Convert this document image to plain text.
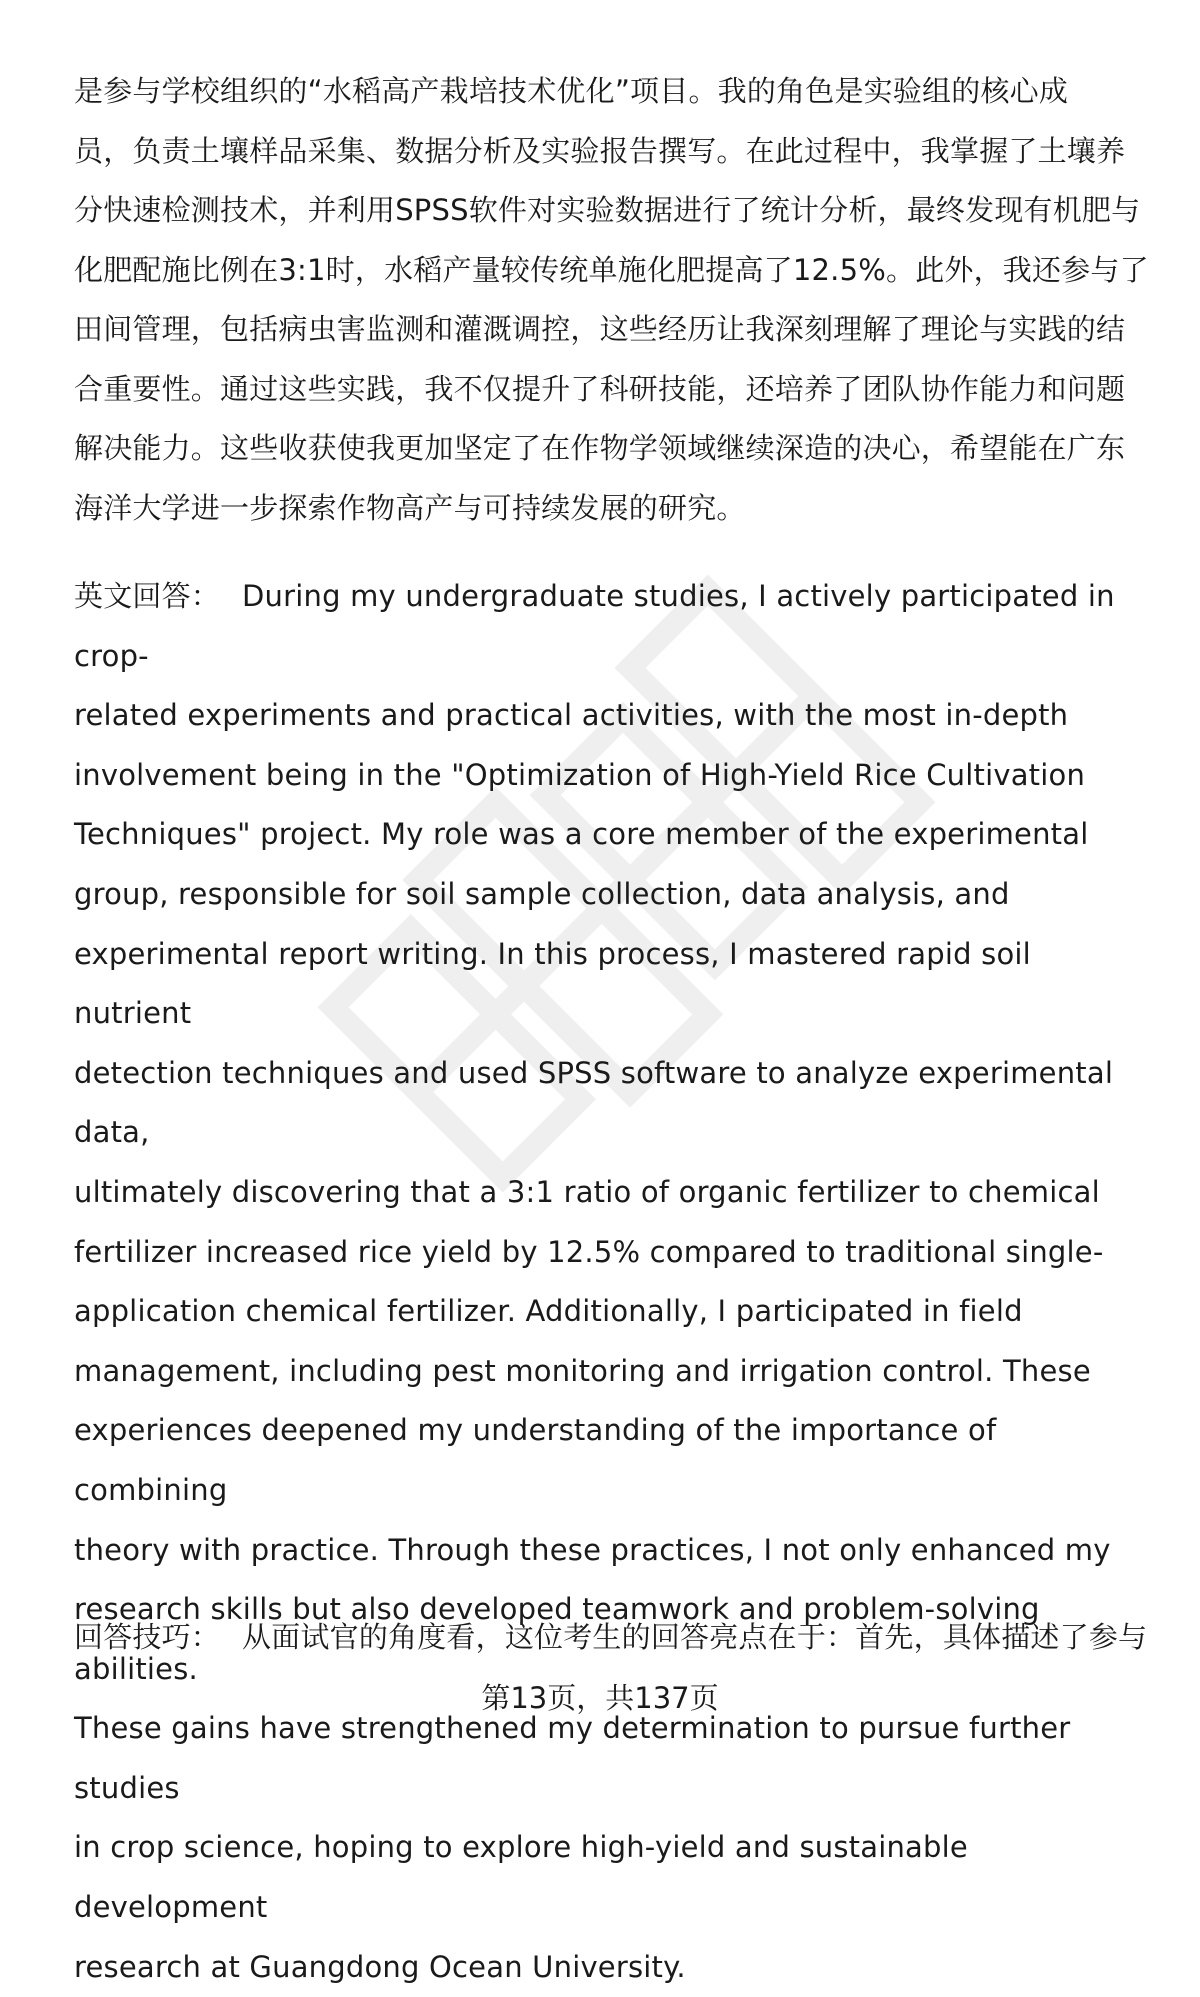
是参与学校组织的“水稻高产栽培技术优化”项目。我的角色是实验组的核心成
员，负责土壤样品采集、数据分析及实验报告撰写。在此过程中，我掌握了土壤养
分快速检测技术，并利用SPSS软件对实验数据进行了统计分析，最终发现有机肥与
化肥配施比例在3:1时，水稻产量较传统单施化肥提高了12.5%。此外，我还参与了
田间管理，包括病虫害监测和灌溉调控，这些经历让我深刻理解了理论与实践的结
合重要性。通过这些实践，我不仅提升了科研技能，还培养了团队协作能力和问题
解决能力。这些收获使我更加坚定了在作物学领域继续深造的决心，希望能在广东
海洋大学进一步探索作物高产与可持续发展的研究。
英文回答： During my undergraduate studies, I actively participated in crop-
related experiments and practical activities, with the most in-depth
involvement being in the "Optimization of High-Yield Rice Cultivation
Techniques" project. My role was a core member of the experimental
group, responsible for soil sample collection, data analysis, and
experimental report writing. In this process, I mastered rapid soil nutrient
detection techniques and used SPSS software to analyze experimental data,
ultimately discovering that a 3:1 ratio of organic fertilizer to chemical
fertilizer increased rice yield by 12.5% compared to traditional single-
application chemical fertilizer. Additionally, I participated in field
management, including pest monitoring and irrigation control. These
experiences deepened my understanding of the importance of combining
theory with practice. Through these practices, I not only enhanced my
research skills but also developed teamwork and problem-solving abilities.
These gains have strengthened my determination to pursue further studies
in crop science, hoping to explore high-yield and sustainable development
research at Guangdong Ocean University.
回答技巧： 从面试官的角度看，这位考生的回答亮点在于：首先，具体描述了参与
第13页，共137页
